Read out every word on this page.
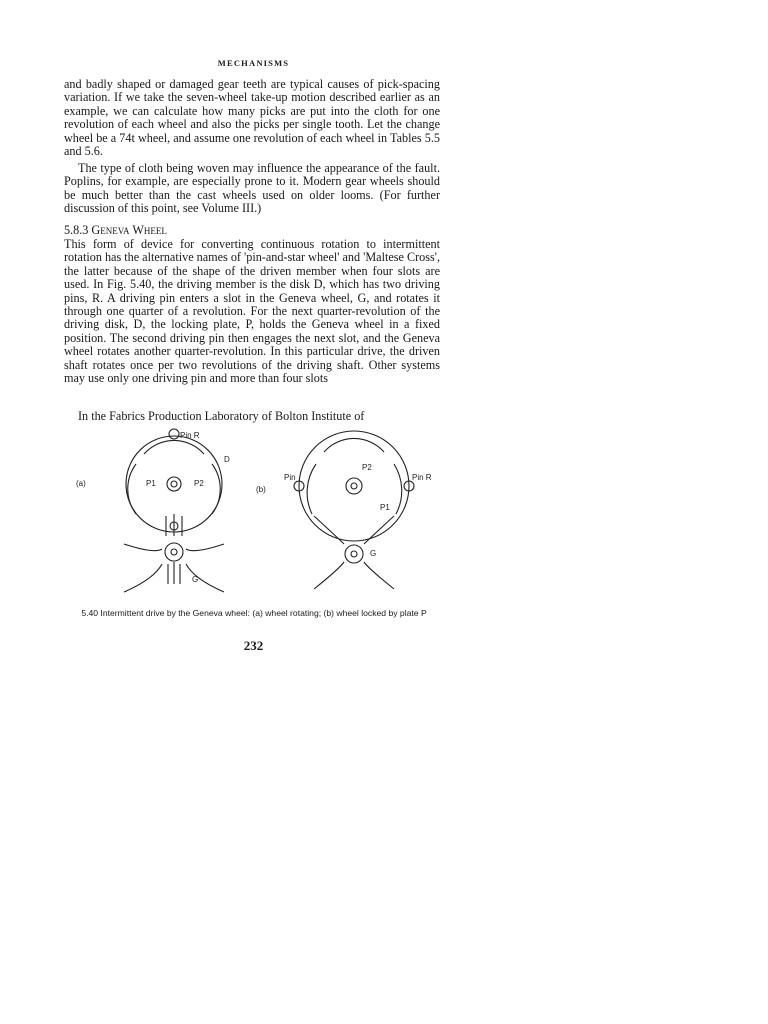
MECHANISMS

and badly shaped or damaged gear teeth are typical causes of pick-spacing variation. If we take the seven-wheel take-up motion described earlier as an example, we can calculate how many picks are put into the cloth for one revolution of each wheel and also the picks per single tooth. Let the change wheel be a 74t wheel, and assume one revolution of each wheel in Tables 5.5 and 5.6.

The type of cloth being woven may influence the appearance of the fault. Poplins, for example, are especially prone to it. Modern gear wheels should be much better than the cast wheels used on older looms. (For further discussion of this point, see Volume III.)

5.8.3 Geneva Wheel

This form of device for converting continuous rotation to intermittent rotation has the alternative names of 'pin-and-star wheel' and 'Maltese Cross', the latter because of the shape of the driven member when four slots are used. In Fig. 5.40, the driving member is the disk D, which has two driving pins, R. A driving pin enters a slot in the Geneva wheel, G, and rotates it through one quarter of a revolution. For the next quarter-revolution of the driving disk, D, the locking plate, P, holds the Geneva wheel in a fixed position. The second driving pin then engages the next slot, and the Geneva wheel rotates another quarter-revolution. In this particular drive, the driven shaft rotates once per two revolutions of the driving shaft. Other systems may use only one driving pin and more than four slots

In the Fabrics Production Laboratory of Bolton Institute of

(a)
Pin R
D
P1	P2
G
(b)
Pin	Pin R
P2
P1
G
5.40 Intermittent drive by the Geneva wheel: (a) wheel rotating; (b) wheel locked by plate P
232
